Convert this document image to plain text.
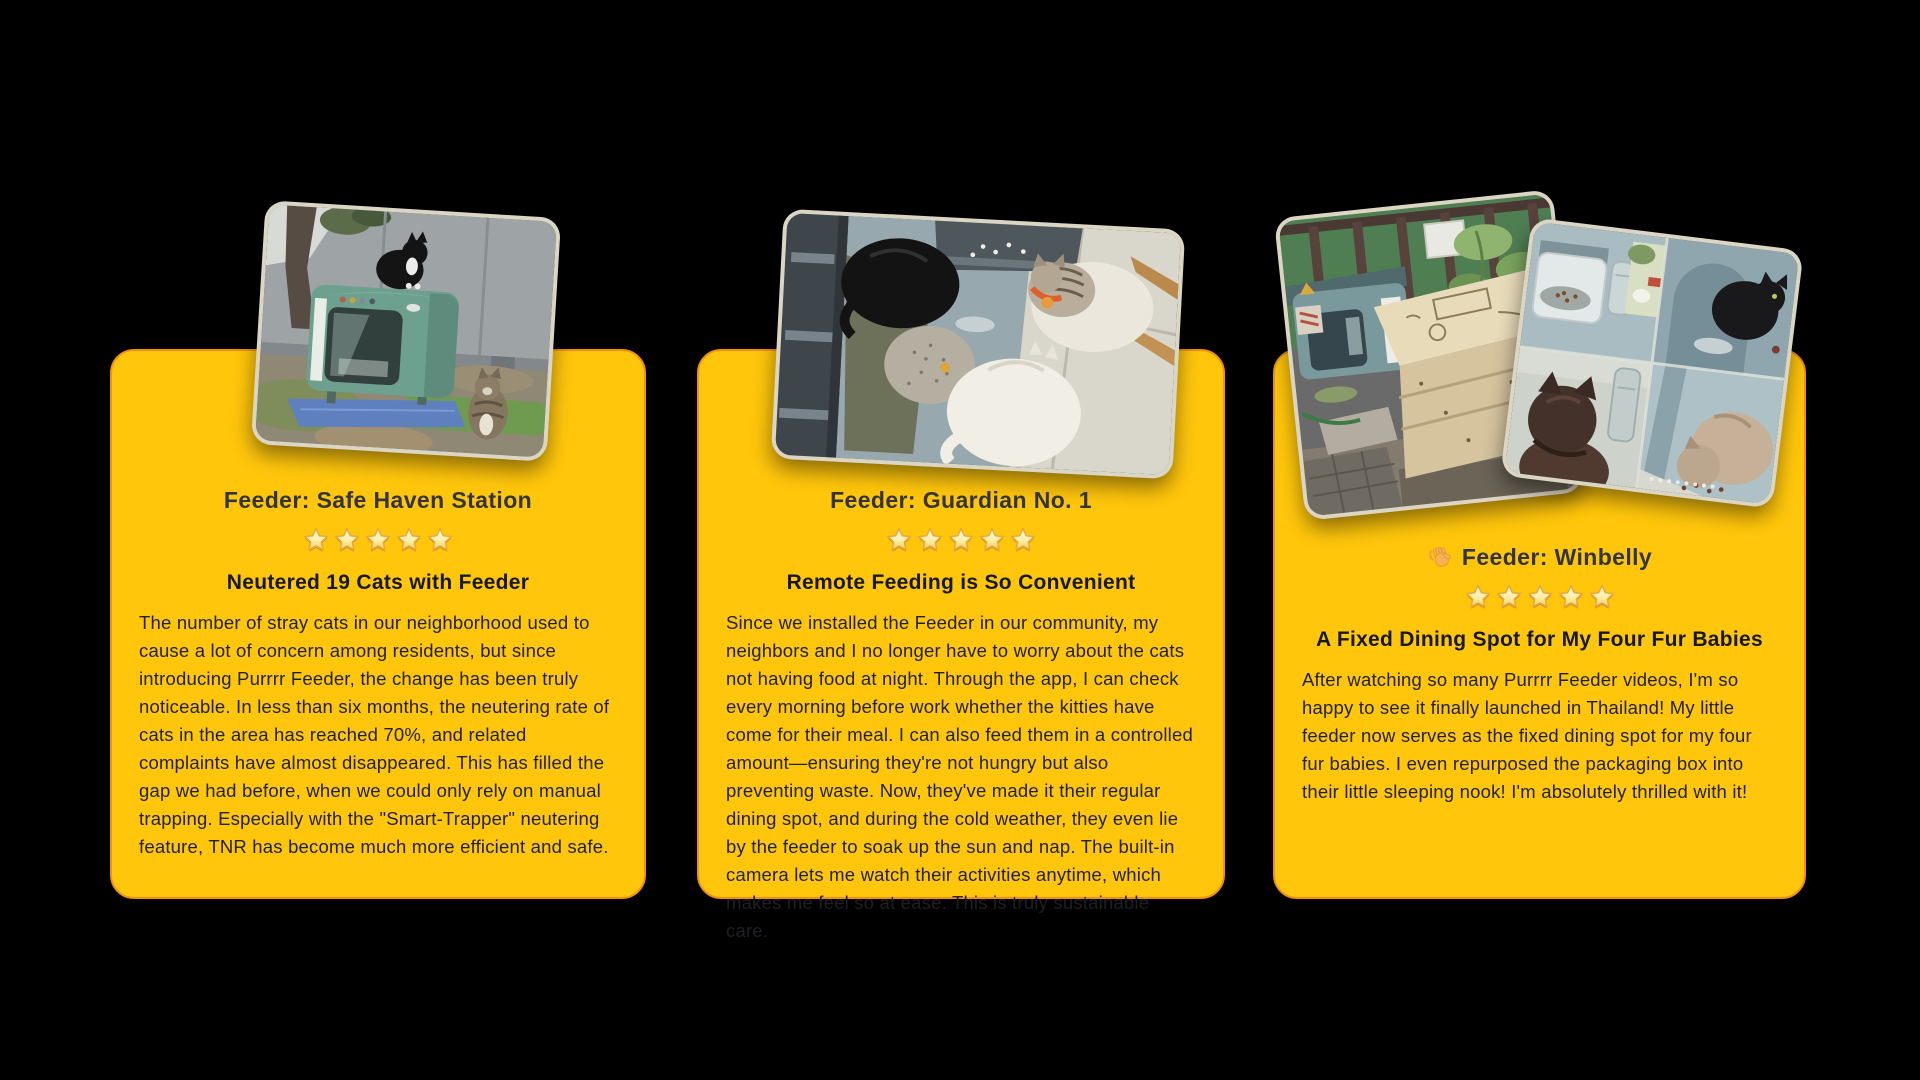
Feeder: Safe Haven Station
Neutered 19 Cats with Feeder
The number of stray cats in our neighborhood used to cause a lot of concern among residents, but since introducing Purrrr Feeder, the change has been truly noticeable. In less than six months, the neutering rate of cats in the area has reached 70%, and related complaints have almost disappeared. This has filled the gap we had before, when we could only rely on manual trapping. Especially with the "Smart-Trapper" neutering feature, TNR has become much more efficient and safe.
Feeder: Guardian No. 1
Remote Feeding is So Convenient
Since we installed the Feeder in our community, my neighbors and I no longer have to worry about the cats not having food at night. Through the app, I can check every morning before work whether the kitties have come for their meal. I can also feed them in a controlled amount—ensuring they're not hungry but also preventing waste. Now, they've made it their regular dining spot, and during the cold weather, they even lie by the feeder to soak up the sun and nap. The built-in camera lets me watch their activities anytime, which makes me feel so at ease. This is truly sustainable care.
Feeder: Winbelly
A Fixed Dining Spot for My Four Fur Babies
After watching so many Purrrr Feeder videos, I'm so happy to see it finally launched in Thailand! My little feeder now serves as the fixed dining spot for my four fur babies. I even repurposed the packaging box into their little sleeping nook! I'm absolutely thrilled with it!
